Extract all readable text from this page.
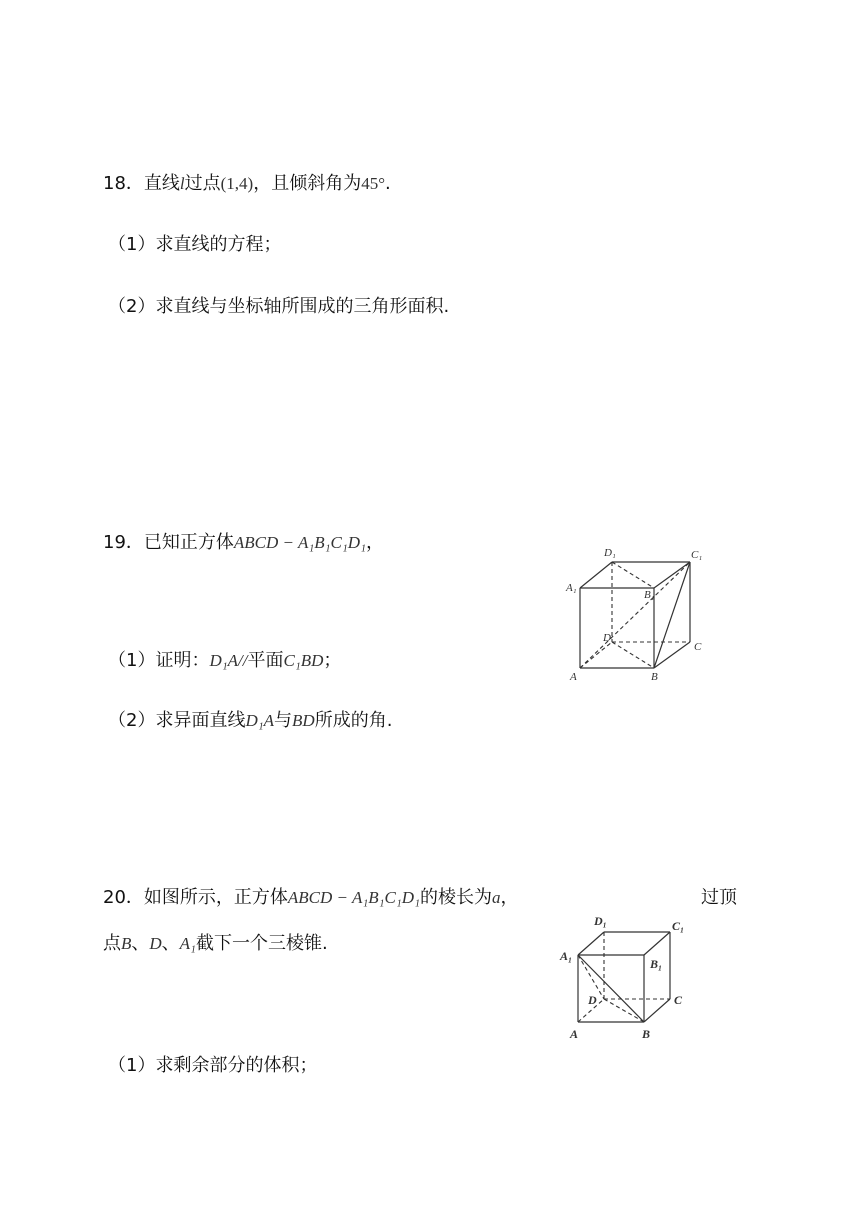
18．直线l过点(1,4)，且倾斜角为45°.
（1）求直线的方程；
（2）求直线与坐标轴所围成的三角形面积.
19．已知正方体ABCD − A₁B₁C₁D₁，
（1）证明：D₁A//平面C₁BD；
（2）求异面直线D₁A与BD所成的角.
D₁	C₁
A₁
B₁
D
C
A	B
20．如图所示，正方体ABCD − A₁B₁C₁D₁的棱长为a，	过顶
点B、D、A₁截下一个三棱锥.
（1）求剩余部分的体积；
D₁	C₁
A₁
B₁
D	C
A	B
